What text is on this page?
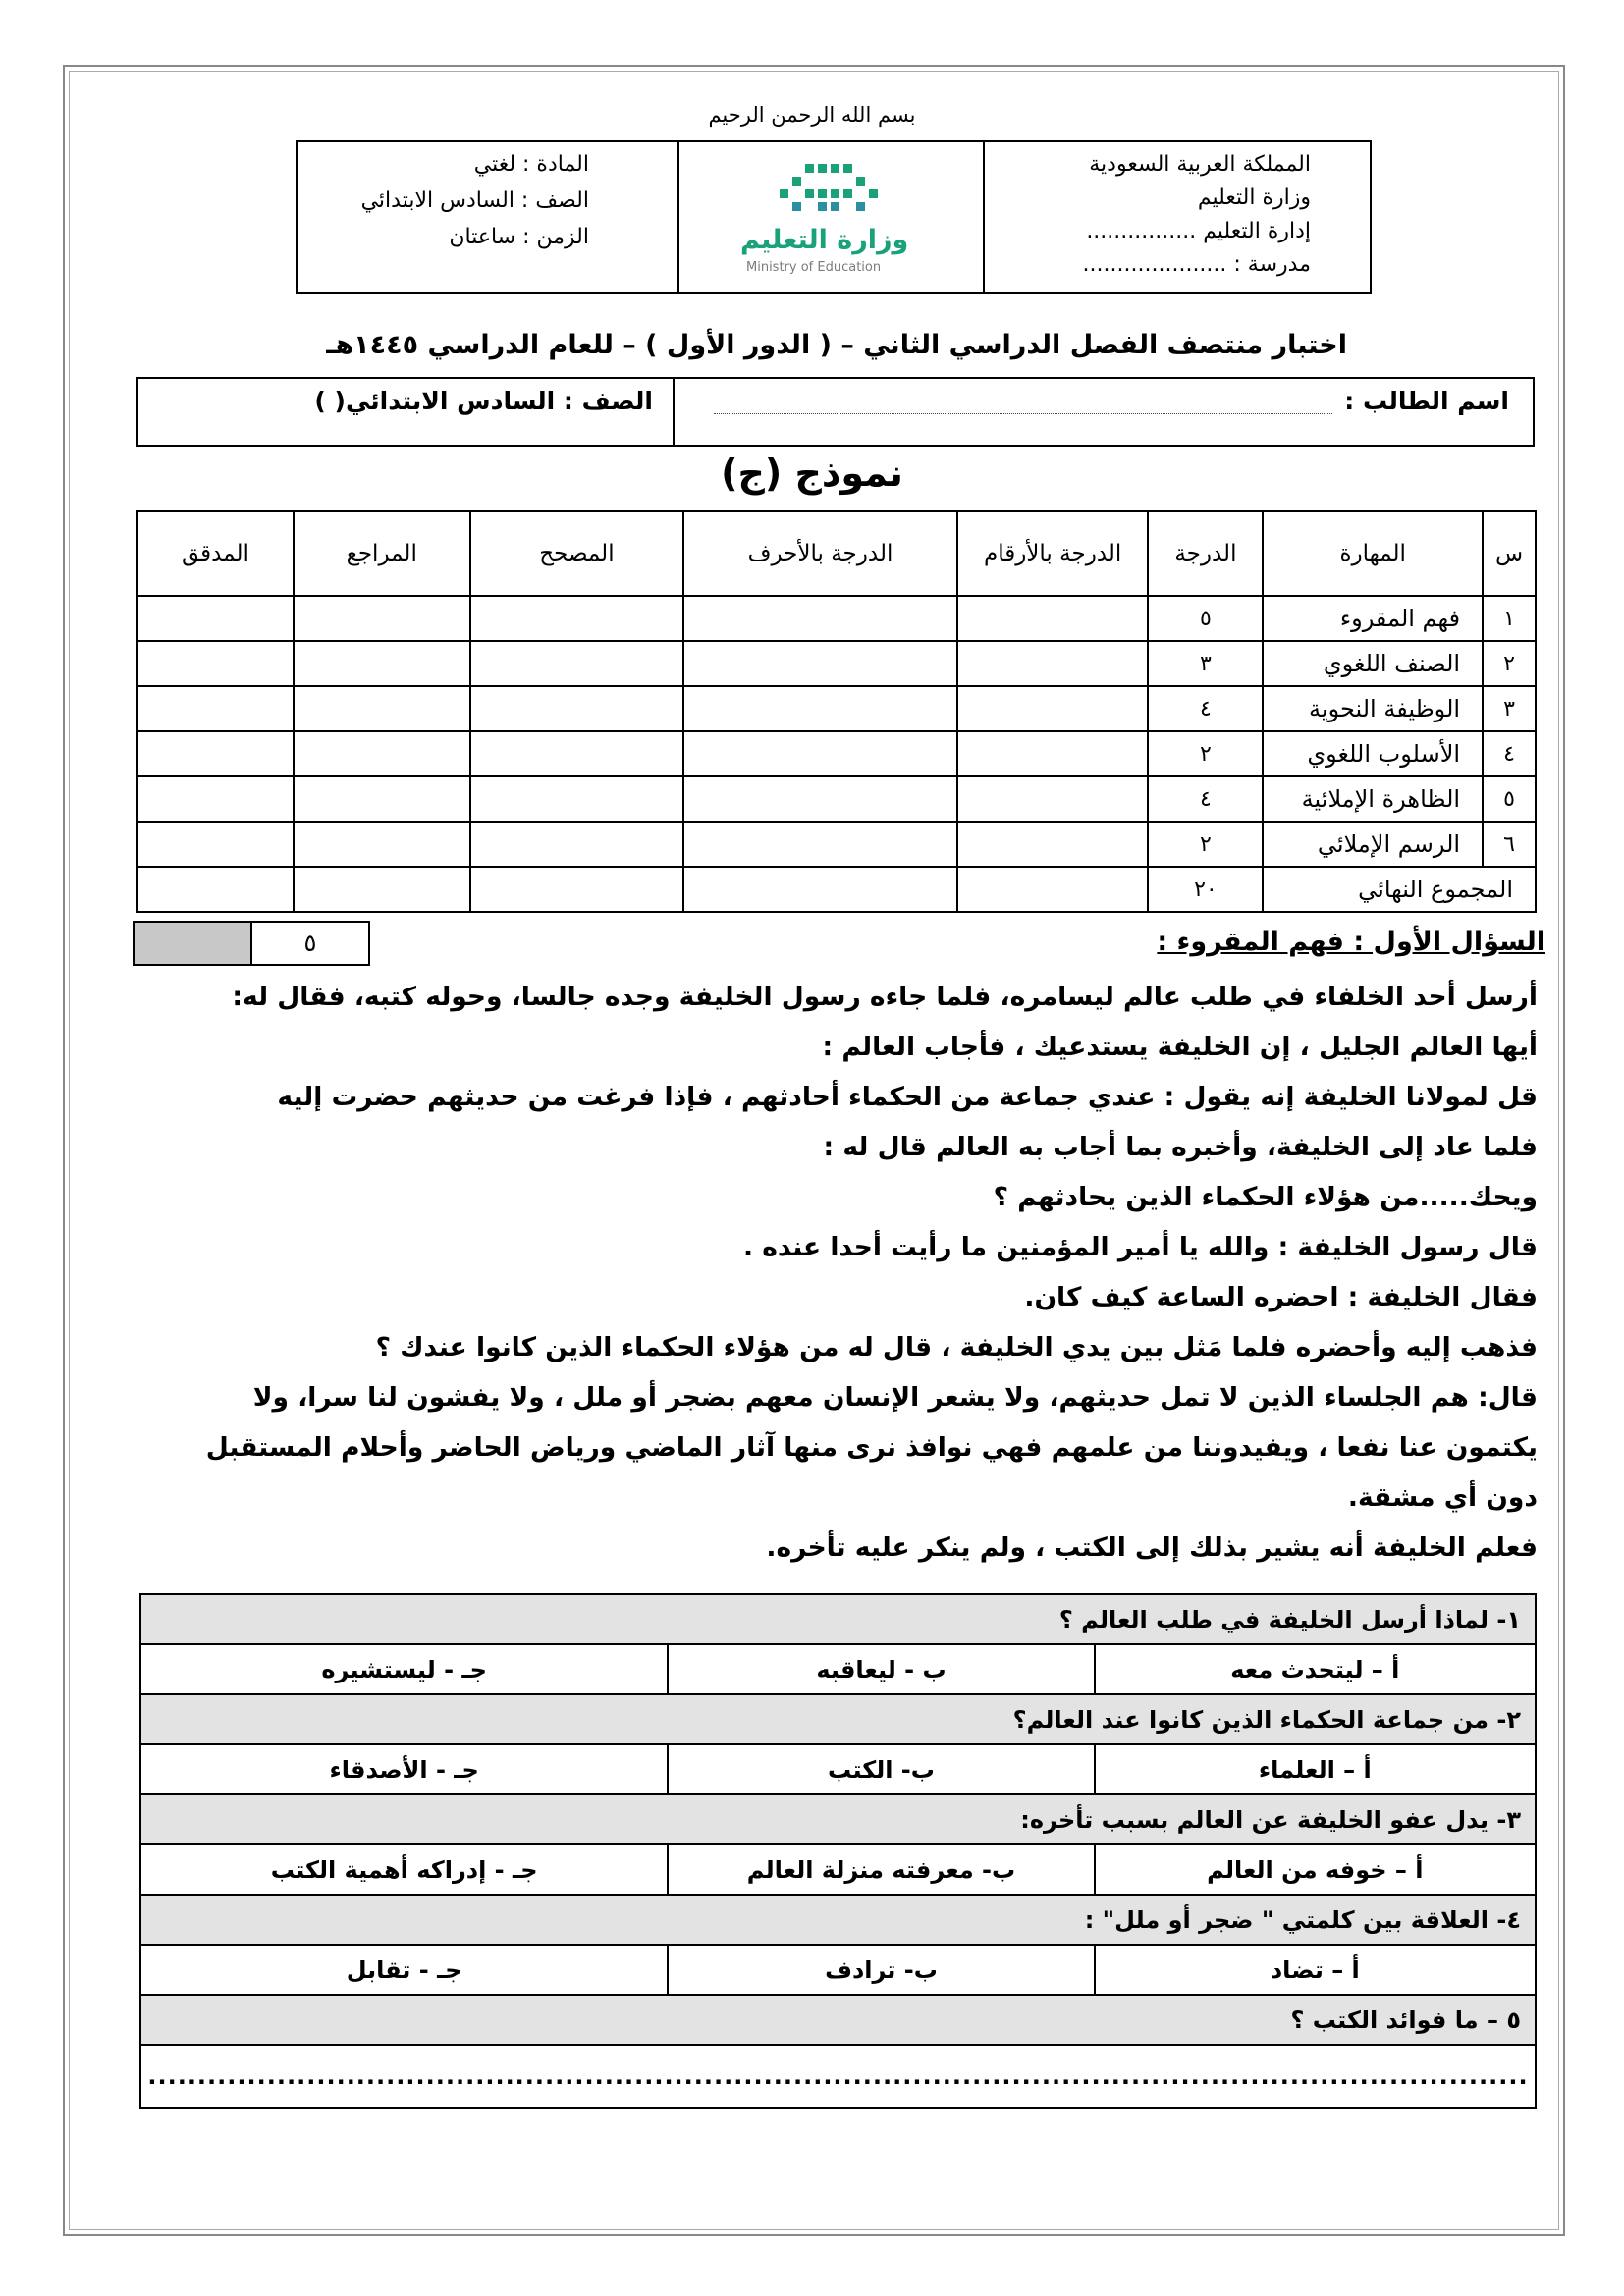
بسم الله الرحمن الرحيم
المملكة العربية السعودية
وزارة التعليم
إدارة التعليم ................
مدرسة : .....................
وزارة التعليم
Ministry of Education
المادة : لغتي
الصف : السادس الابتدائي
الزمن : ساعتان
اختبار منتصف الفصل الدراسي الثاني – ( الدور الأول ) – للعام الدراسي ١٤٤٥هـ
اسم الطالب :
الصف : السادس الابتدائي( )
نموذج (ج)
س	المهارة	الدرجة	الدرجة بالأرقام	الدرجة بالأحرف	المصحح	المراجع	المدقق
١	فهم المقروء	٥					
٢	الصنف اللغوي	٣					
٣	الوظيفة النحوية	٤					
٤	الأسلوب اللغوي	٢					
٥	الظاهرة الإملائية	٤					
٦	الرسم الإملائي	٢					
المجموع النهائي		٢٠					
السؤال الأول : فهم المقروء :
٥

أرسل أحد الخلفاء في طلب عالم ليسامره، فلما جاءه رسول الخليفة وجده جالسا، وحوله كتبه، فقال له:

أيها العالم الجليل ، إن الخليفة يستدعيك ، فأجاب العالم :

قل لمولانا الخليفة إنه يقول : عندي جماعة من الحكماء أحادثهم ، فإذا فرغت من حديثهم حضرت إليه

فلما عاد إلى الخليفة، وأخبره بما أجاب به العالم قال له :

ويحك.....من هؤلاء الحكماء الذين يحادثهم ؟

قال رسول الخليفة : والله يا أمير المؤمنين ما رأيت أحدا عنده .

فقال الخليفة : احضره الساعة كيف كان.

فذهب إليه وأحضره فلما مَثل بين يدي الخليفة ، قال له من هؤلاء الحكماء الذين كانوا عندك ؟

قال: هم الجلساء الذين لا تمل حديثهم، ولا يشعر الإنسان معهم بضجر أو ملل ، ولا يفشون لنا سرا، ولا

يكتمون عنا نفعا ، ويفيدوننا من علمهم فهي نوافذ نرى منها آثار الماضي ورياض الحاضر وأحلام المستقبل

دون أي مشقة.

فعلم الخليفة أنه يشير بذلك إلى الكتب ، ولم ينكر عليه تأخره.

١- لماذا أرسل الخليفة في طلب العالم ؟		
أ – ليتحدث معه	ب - ليعاقبه	جـ - ليستشيره
٢- من جماعة الحكماء الذين كانوا عند العالم؟		
أ – العلماء	ب- الكتب	جـ - الأصدقاء
٣- يدل عفو الخليفة عن العالم بسبب تأخره:		
أ – خوفه من العالم	ب- معرفته منزلة العالم	جـ - إدراكه أهمية الكتب
٤- العلاقة بين كلمتي " ضجر أو ملل" :		
أ – تضاد	ب- ترادف	جـ - تقابل
٥ – ما فوائد الكتب ؟		
...........................................................................................................................................		
